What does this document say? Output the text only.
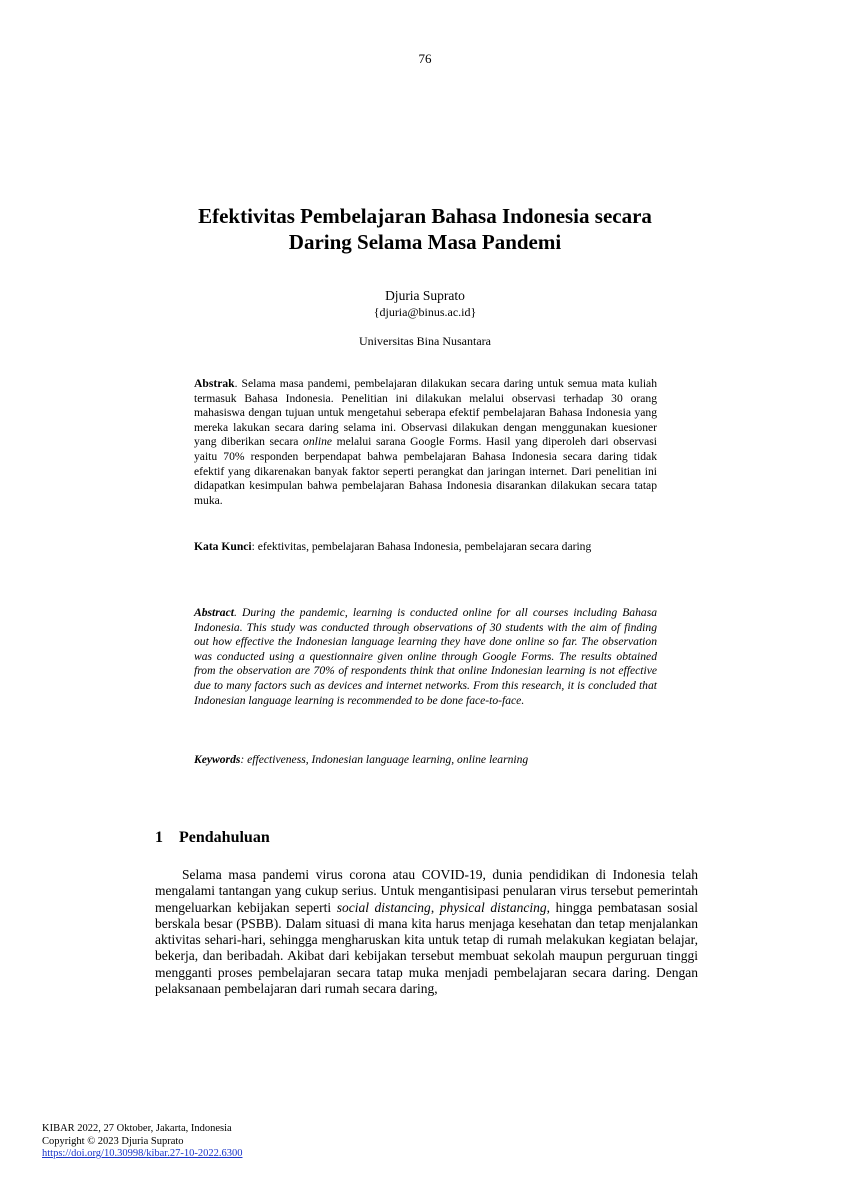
76
Efektivitas Pembelajaran Bahasa Indonesia secara
Daring Selama Masa Pandemi
Djuria Suprato
{djuria@binus.ac.id}
Universitas Bina Nusantara
Abstrak. Selama masa pandemi, pembelajaran dilakukan secara daring untuk semua mata kuliah termasuk Bahasa Indonesia. Penelitian ini dilakukan melalui observasi terhadap 30 orang mahasiswa dengan tujuan untuk mengetahui seberapa efektif pembelajaran Bahasa Indonesia yang mereka lakukan secara daring selama ini. Observasi dilakukan dengan menggunakan kuesioner yang diberikan secara online melalui sarana Google Forms. Hasil yang diperoleh dari observasi yaitu 70% responden berpendapat bahwa pembelajaran Bahasa Indonesia secara daring tidak efektif yang dikarenakan banyak faktor seperti perangkat dan jaringan internet. Dari penelitian ini didapatkan kesimpulan bahwa pembelajaran Bahasa Indonesia disarankan dilakukan secara tatap muka.
Kata Kunci: efektivitas, pembelajaran Bahasa Indonesia, pembelajaran secara daring
Abstract. During the pandemic, learning is conducted online for all courses including Bahasa Indonesia. This study was conducted through observations of 30 students with the aim of finding out how effective the Indonesian language learning they have done online so far. The observation was conducted using a questionnaire given online through Google Forms. The results obtained from the observation are 70% of respondents think that online Indonesian learning is not effective due to many factors such as devices and internet networks. From this research, it is concluded that Indonesian language learning is recommended to be done face-to-face.
Keywords: effectiveness, Indonesian language learning, online learning
1 Pendahuluan
Selama masa pandemi virus corona atau COVID-19, dunia pendidikan di Indonesia telah mengalami tantangan yang cukup serius. Untuk mengantisipasi penularan virus tersebut pemerintah mengeluarkan kebijakan seperti social distancing, physical distancing, hingga pembatasan sosial berskala besar (PSBB). Dalam situasi di mana kita harus menjaga kesehatan dan tetap menjalankan aktivitas sehari-hari, sehingga mengharuskan kita untuk tetap di rumah melakukan kegiatan belajar, bekerja, dan beribadah. Akibat dari kebijakan tersebut membuat sekolah maupun perguruan tinggi mengganti proses pembelajaran secara tatap muka menjadi pembelajaran secara daring. Dengan pelaksanaan pembelajaran dari rumah secara daring,
KIBAR 2022, 27 Oktober, Jakarta, Indonesia
Copyright © 2023 Djuria Suprato
https://doi.org/10.30998/kibar.27-10-2022.6300
